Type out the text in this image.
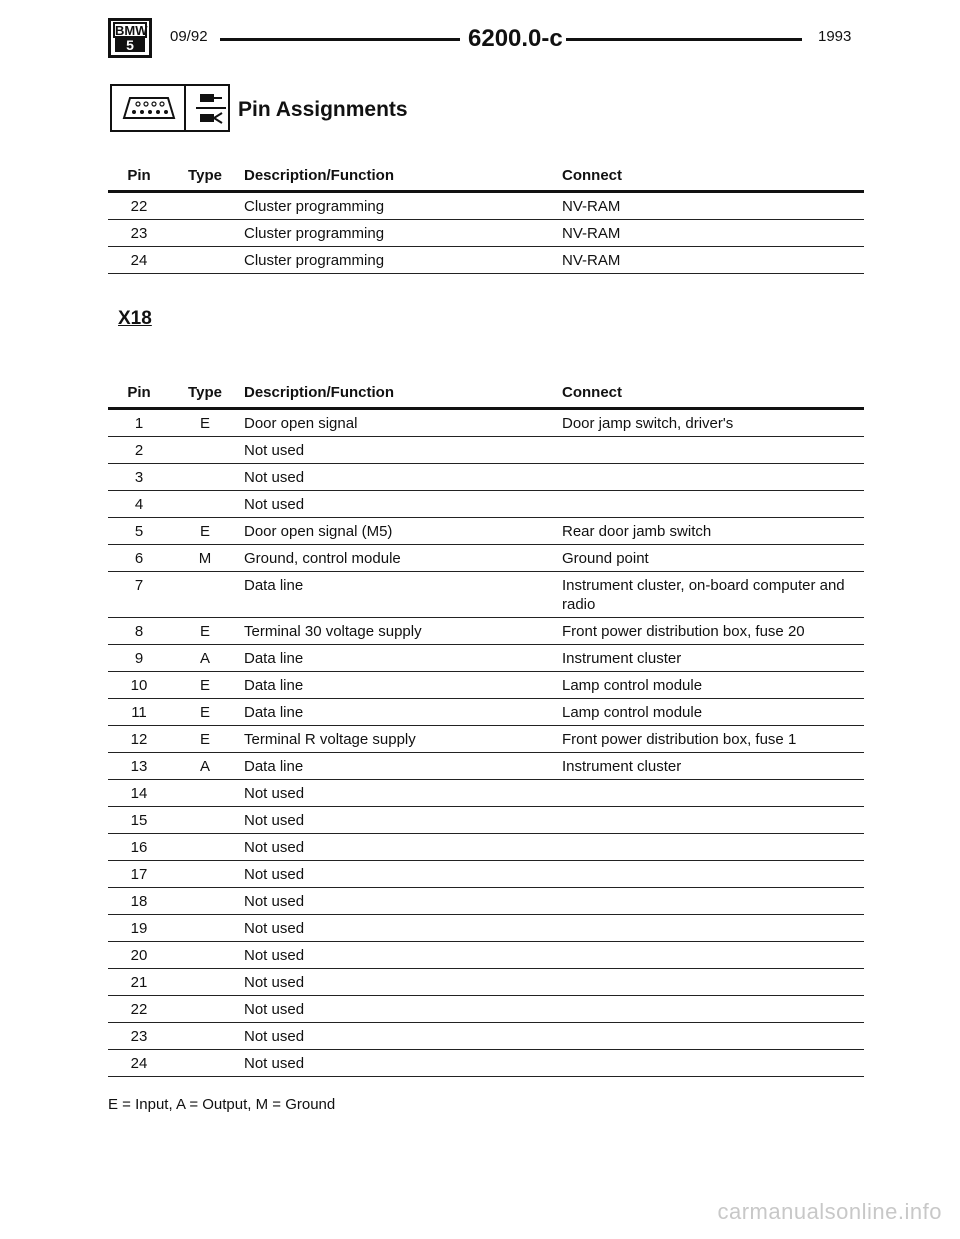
BMW
5	09/92	6200.0-c	1993
Pin Assignments
Pin	Type	Description/Function	Connect
22		Cluster programming	NV-RAM
23		Cluster programming	NV-RAM
24		Cluster programming	NV-RAM
X18
Pin	Type	Description/Function	Connect
1	E	Door open signal	Door jamp switch, driver's
2		Not used	
3		Not used	
4		Not used	
5	E	Door open signal (M5)	Rear door jamb switch
6	M	Ground, control module	Ground point
7		Data line	Instrument cluster, on-board computer and radio
8	E	Terminal 30 voltage supply	Front power distribution box, fuse 20
9	A	Data line	Instrument cluster
10	E	Data line	Lamp control module
11	E	Data line	Lamp control module
12	E	Terminal R voltage supply	Front power distribution box, fuse 1
13	A	Data line	Instrument cluster
14		Not used	
15		Not used	
16		Not used	
17		Not used	
18		Not used	
19		Not used	
20		Not used	
21		Not used	
22		Not used	
23		Not used	
24		Not used	
E = Input, A = Output, M = Ground
carmanualsonline.info
